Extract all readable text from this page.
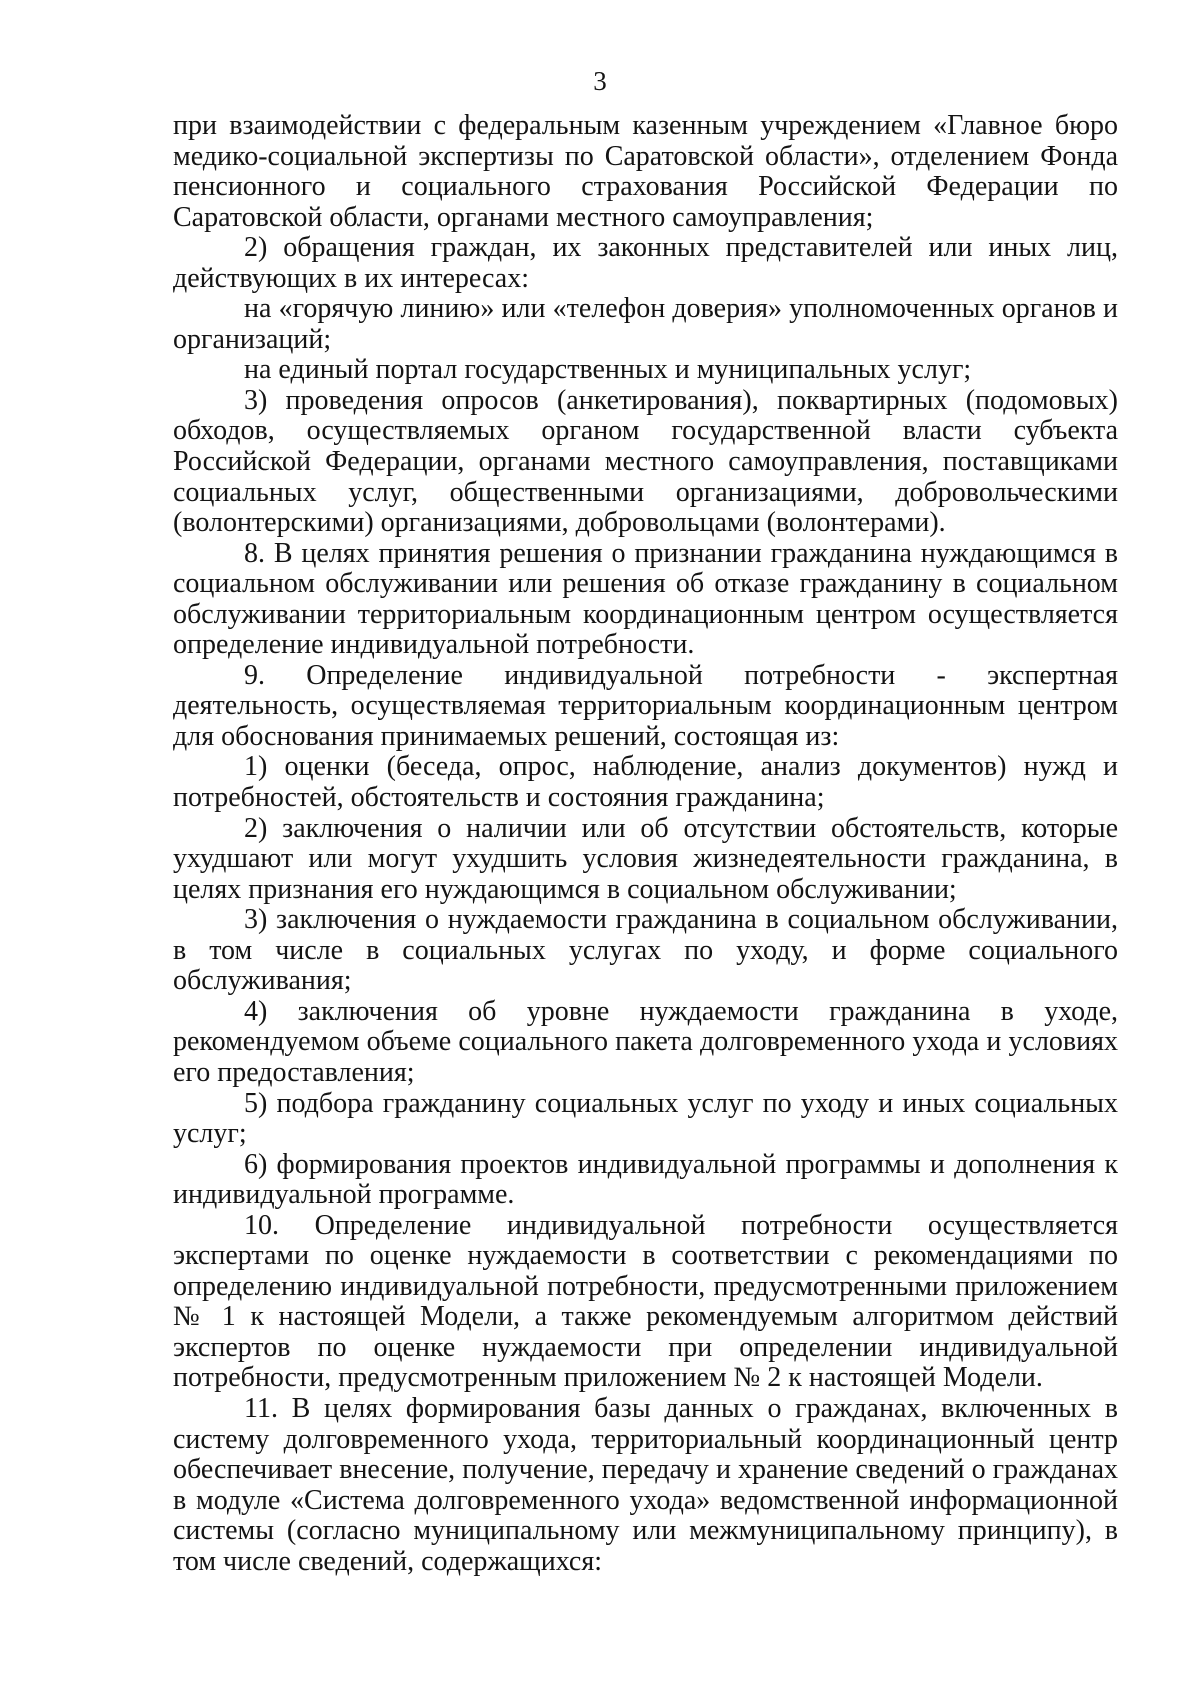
3

при взаимодействии с федеральным казенным учреждением «Главное бюро медико-социальной экспертизы по Саратовской области», отделением Фонда пенсионного и социального страхования Российской Федерации по Саратовской области, органами местного самоуправления;

2) обращения граждан, их законных представителей или иных лиц, действующих в их интересах:

на «горячую линию» или «телефон доверия» уполномоченных органов и организаций;

на единый портал государственных и муниципальных услуг;

3) проведения опросов (анкетирования), поквартирных (подомовых) обходов, осуществляемых органом государственной власти субъекта Российской Федерации, органами местного самоуправления, поставщиками социальных услуг, общественными организациями, добровольческими (волонтерскими) организациями, добровольцами (волонтерами).

8. В целях принятия решения о признании гражданина нуждающимся в социальном обслуживании или решения об отказе гражданину в социальном обслуживании территориальным координационным центром осуществляется определение индивидуальной потребности.

9. Определение индивидуальной потребности - экспертная деятельность, осуществляемая территориальным координационным центром для обоснования принимаемых решений, состоящая из:

1) оценки (беседа, опрос, наблюдение, анализ документов) нужд и потребностей, обстоятельств и состояния гражданина;

2) заключения о наличии или об отсутствии обстоятельств, которые ухудшают или могут ухудшить условия жизнедеятельности гражданина, в целях признания его нуждающимся в социальном обслуживании;

3) заключения о нуждаемости гражданина в социальном обслуживании, в том числе в социальных услугах по уходу, и форме социального обслуживания;

4) заключения об уровне нуждаемости гражданина в уходе, рекомендуемом объеме социального пакета долговременного ухода и условиях его предоставления;

5) подбора гражданину социальных услуг по уходу и иных социальных услуг;

6) формирования проектов индивидуальной программы и дополнения к индивидуальной программе.

10. Определение индивидуальной потребности осуществляется экспертами по оценке нуждаемости в соответствии с рекомендациями по определению индивидуальной потребности, предусмотренными приложением № 1 к настоящей Модели, а также рекомендуемым алгоритмом действий экспертов по оценке нуждаемости при определении индивидуальной потребности, предусмотренным приложением № 2 к настоящей Модели.

11. В целях формирования базы данных о гражданах, включенных в систему долговременного ухода, территориальный координационный центр обеспечивает внесение, получение, передачу и хранение сведений о гражданах в модуле «Система долговременного ухода» ведомственной информационной системы (согласно муниципальному или межмуниципальному принципу), в том числе сведений, содержащихся:
